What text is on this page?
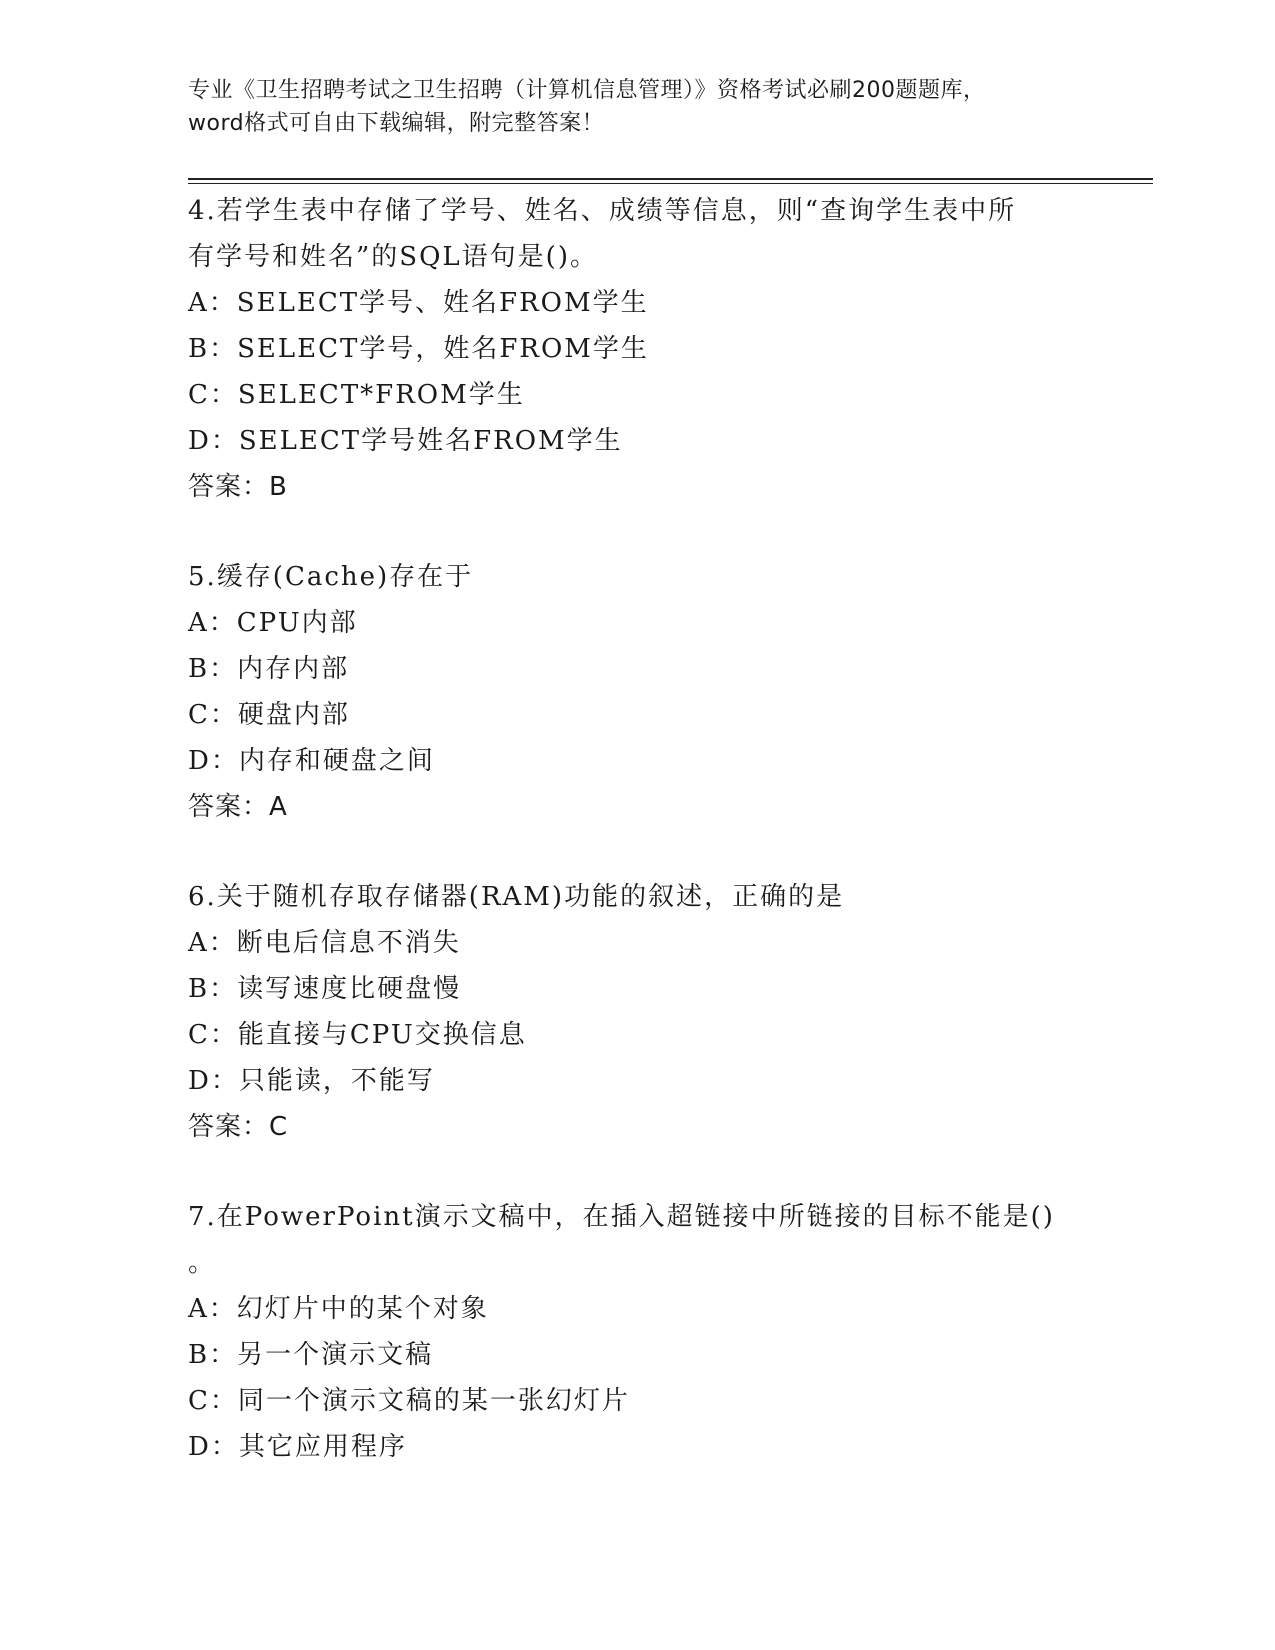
专业《卫生招聘考试之卫生招聘（计算机信息管理）》资格考试必刷200题题库，
word格式可自由下载编辑，附完整答案！
4.若学生表中存储了学号、姓名、成绩等信息，则“查询学生表中所
有学号和姓名”的SQL语句是()。
A：SELECT学号、姓名FROM学生
B：SELECT学号，姓名FROM学生
C：SELECT*FROM学生
D：SELECT学号姓名FROM学生
答案：B
5.缓存(Cache)存在于
A：CPU内部
B：内存内部
C：硬盘内部
D：内存和硬盘之间
答案：A
6.关于随机存取存储器(RAM)功能的叙述，正确的是
A：断电后信息不消失
B：读写速度比硬盘慢
C：能直接与CPU交换信息
D：只能读，不能写
答案：C
7.在PowerPoint演示文稿中，在插入超链接中所链接的目标不能是()
。
A：幻灯片中的某个对象
B：另一个演示文稿
C：同一个演示文稿的某一张幻灯片
D：其它应用程序
